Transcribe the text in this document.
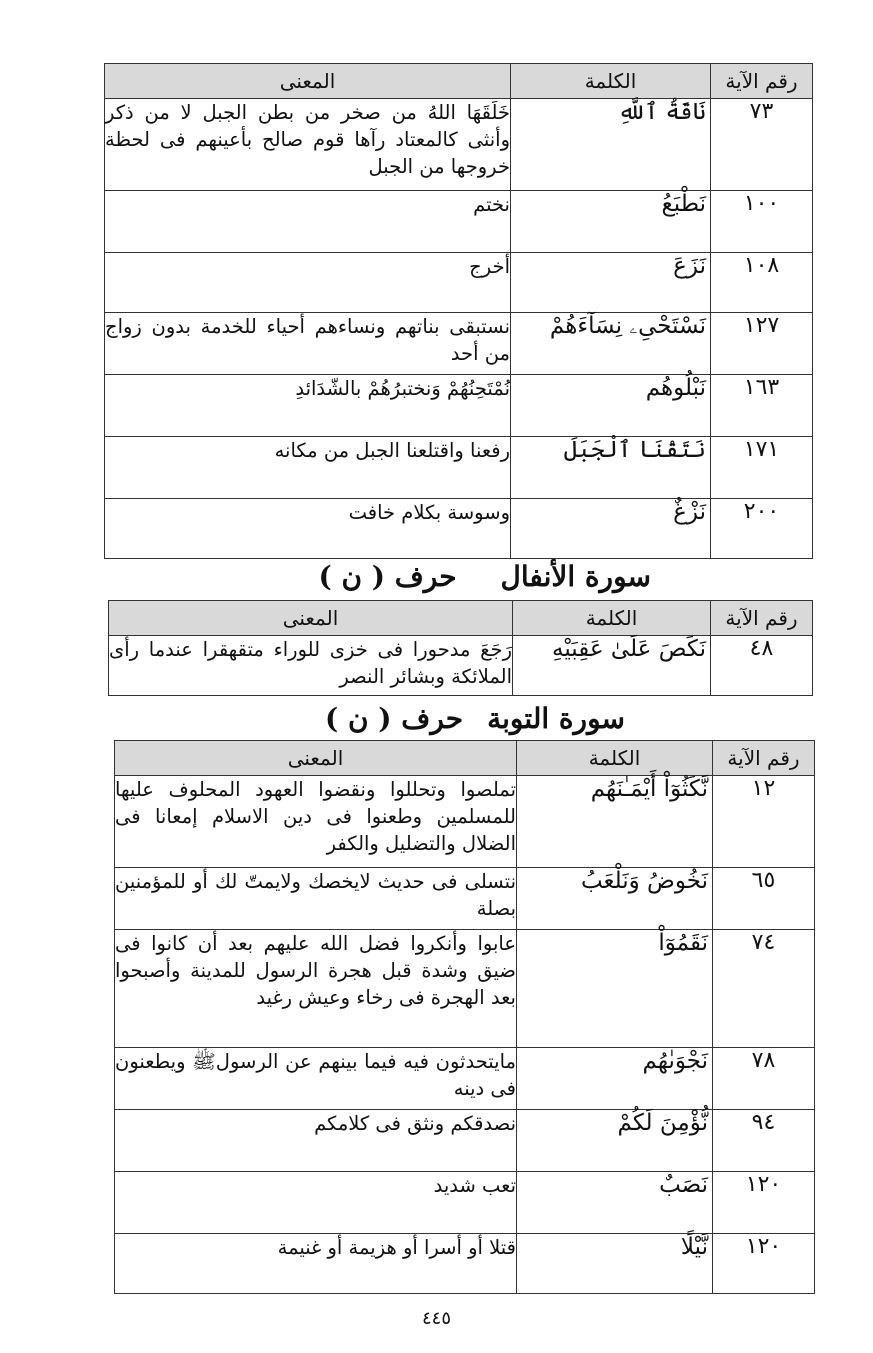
رقم الآية	الكلمة	المعنى
٧٣	نَاقَةُ ٱللَّهِ	خَلَقَهَا اللهُ من صخر من بطن الجبل لا من ذكر وأنثى كالمعتاد رآها قوم صالح بأعينهم فى لحظة خروجها من الجبل
١٠٠	نَطْبَعُ	نختم
١٠٨	نَزَعَ	أخرج
١٢٧	نَسْتَحْىِۦ نِسَآءَهُمْ	نستبقى بناتهم ونساءهم أحياء للخدمة بدون زواج من أحد
١٦٣	نَبْلُوهُم	نُمْتَحِنُهُمْ وَنختبرُهُمْ بالشّدَائدِ
١٧١	نَتَقْنَا ٱلْجَبَلَ	رفعنا واقتلعنا الجبل من مكانه
٢٠٠	نَزْغٌ	وسوسة بكلام خافت
سورة الأنفالحرف ( ن )
رقم الآية	الكلمة	المعنى
٤٨	نَكَصَ عَلَىٰ عَقِبَيْهِ	رَجَعَ مدحورا فى خزى للوراء متقهقرا عندما رأى الملائكة وبشائر النصر
سورة التوبةحرف ( ن )
رقم الآية	الكلمة	المعنى
١٢	نَّكَثُوٓاْ أَيْمَـٰنَهُم	تملصوا وتحللوا ونقضوا العهود المحلوف عليها للمسلمين وطعنوا فى دين الاسلام إمعانا فى الضلال والتضليل والكفر
٦٥	نَخُوضُ وَنَلْعَبُ	نتسلى فى حديث لايخصك ولايمتّ لك أو للمؤمنين بصلة
٧٤	نَقَمُوٓاْ	عابوا وأنكروا فضل الله عليهم بعد أن كانوا فى ضيق وشدة قبل هجرة الرسول للمدينة وأصبحوا بعد الهجرة فى رخاء وعيش رغيد
٧٨	نَجْوَىٰهُم	مايتحدثون فيه فيما بينهم عن الرسولﷺ ويطعنون فى دينه
٩٤	نُّؤْمِنَ لَكُمْ	نصدقكم ونثق فى كلامكم
١٢٠	نَصَبٌ	تعب شديد
١٢٠	نَّيْلًا	قتلا أو أسرا أو هزيمة أو غنيمة
٤٤٥
